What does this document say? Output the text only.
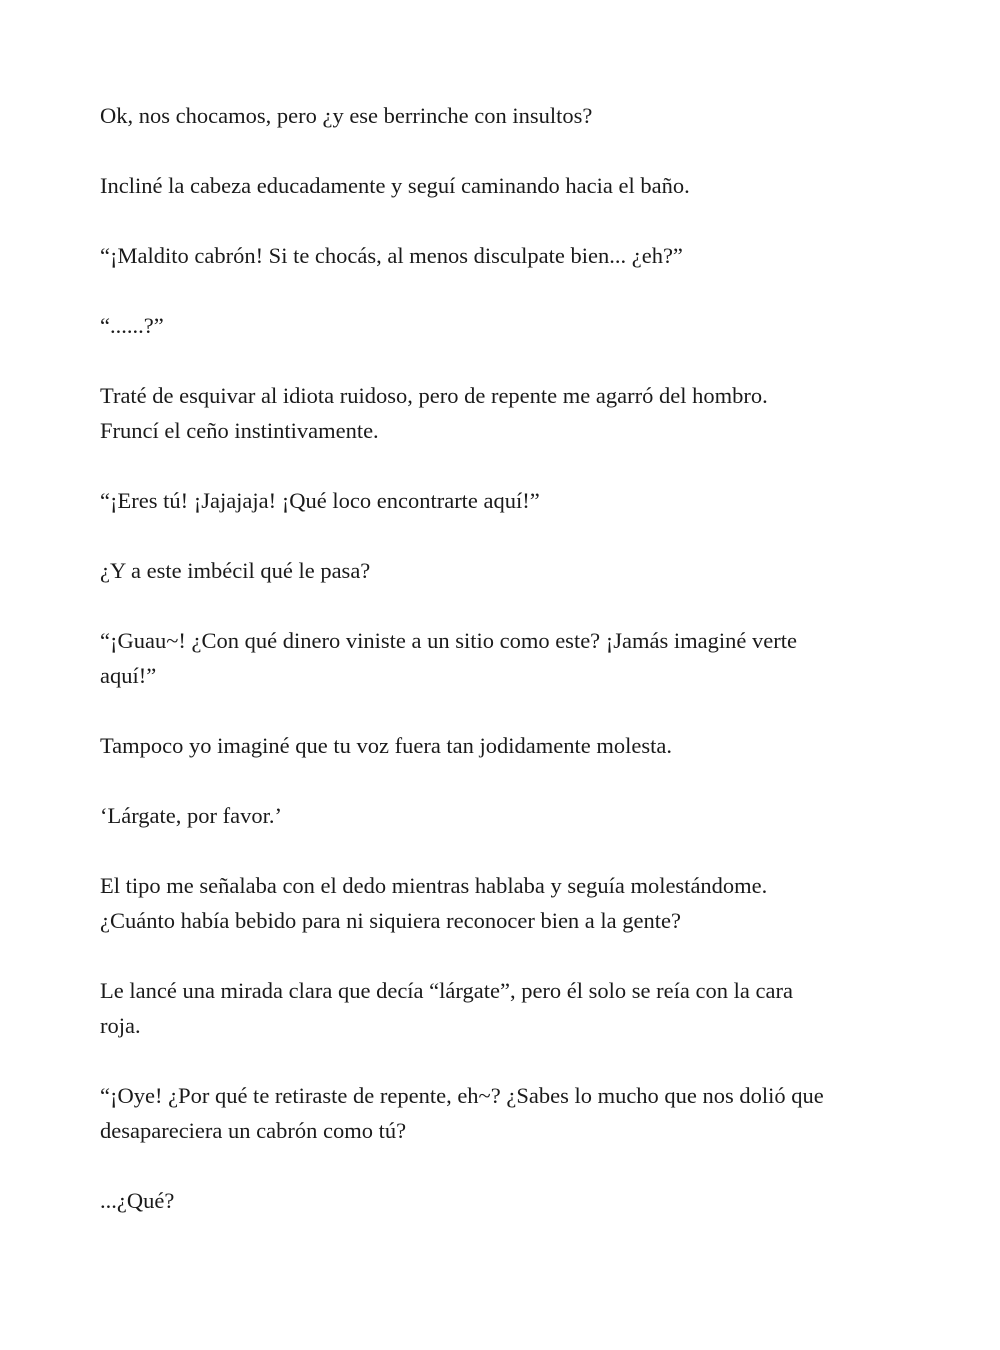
Ok, nos chocamos, pero ¿y ese berrinche con insultos?
Incliné la cabeza educadamente y seguí caminando hacia el baño.
“¡Maldito cabrón! Si te chocás, al menos disculpate bien... ¿eh?”
“......?”
Traté de esquivar al idiota ruidoso, pero de repente me agarró del hombro.
Fruncí el ceño instintivamente.
“¡Eres tú! ¡Jajajaja! ¡Qué loco encontrarte aquí!”
¿Y a este imbécil qué le pasa?
“¡Guau~! ¿Con qué dinero viniste a un sitio como este? ¡Jamás imaginé verte
aquí!”
Tampoco yo imaginé que tu voz fuera tan jodidamente molesta.
‘Lárgate, por favor.’
El tipo me señalaba con el dedo mientras hablaba y seguía molestándome.
¿Cuánto había bebido para ni siquiera reconocer bien a la gente?
Le lancé una mirada clara que decía “lárgate”, pero él solo se reía con la cara
roja.
“¡Oye! ¿Por qué te retiraste de repente, eh~? ¿Sabes lo mucho que nos dolió que
desapareciera un cabrón como tú?
...¿Qué?
